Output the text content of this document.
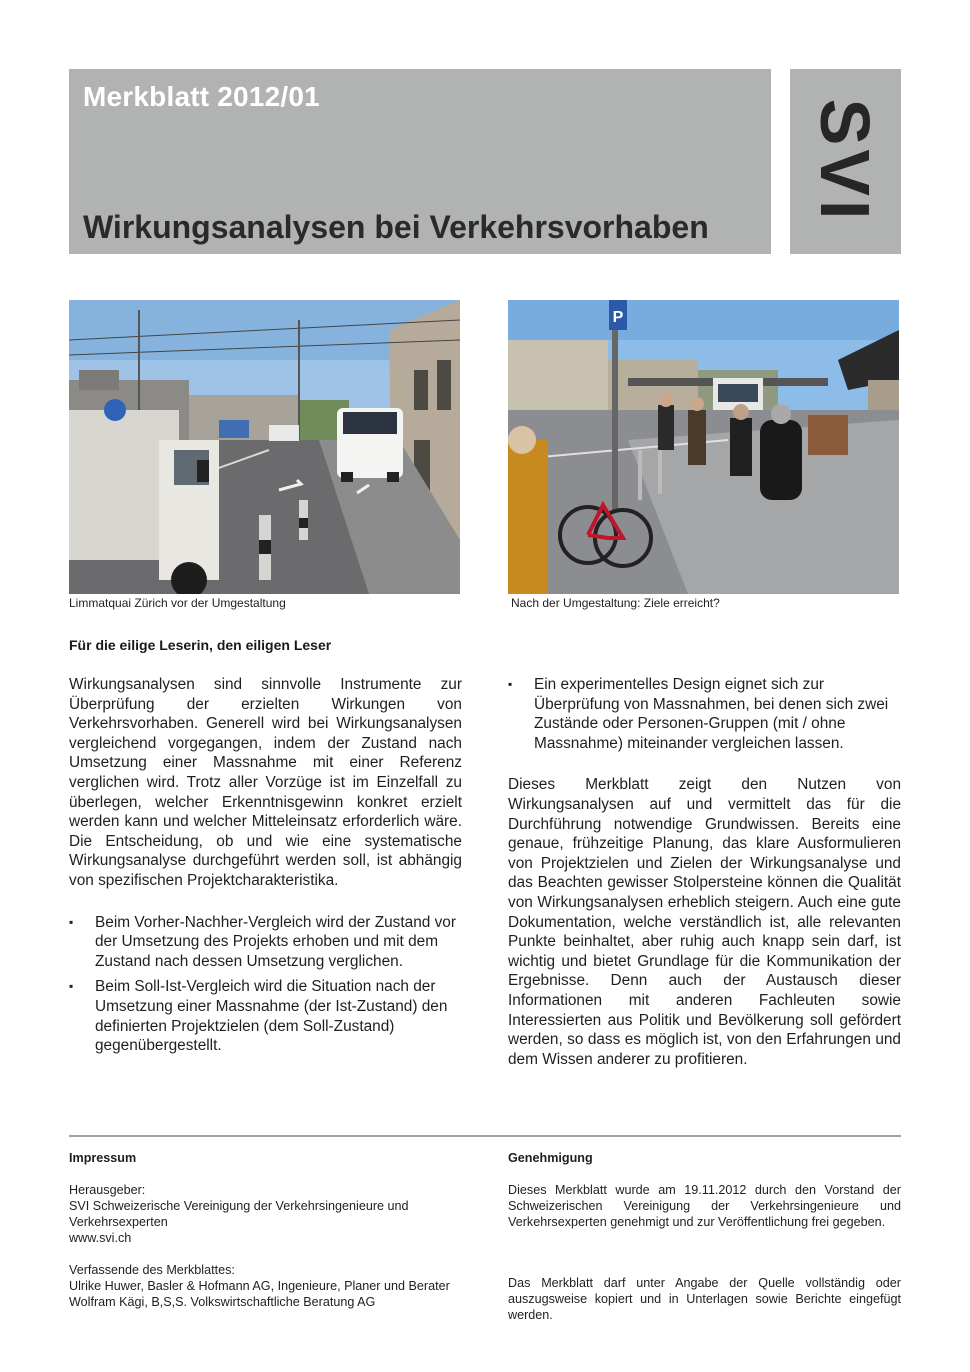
Merkblatt 2012/01
Wirkungsanalysen bei Verkehrsvorhaben
SVI
P
Limmatquai Zürich vor der Umgestaltung	Nach der Umgestaltung: Ziele erreicht?
Für die eilige Leserin, den eiligen Leser

Wirkungsanalysen sind sinnvolle Instrumente zur Überprüfung der erzielten Wirkungen von Verkehrsvorhaben. Generell wird bei Wirkungsanalysen vergleichend vorgegangen, indem der Zustand nach Umsetzung einer Massnahme mit einer Referenz verglichen wird. Trotz aller Vorzüge ist im Einzelfall zu überlegen, welcher Erkenntnisgewinn konkret erzielt werden kann und welcher Mitteleinsatz erforderlich wäre. Die Entscheidung, ob und wie eine systematische Wirkungsanalyse durchgeführt werden soll, ist abhängig von spezifischen Projektcharakteristika.

▪ Beim Vorher-Nachher-Vergleich wird der Zustand vor der Umsetzung des Projekts erhoben und mit dem Zustand nach dessen Umsetzung verglichen.
▪ Beim Soll-Ist-Vergleich wird die Situation nach der Umsetzung einer Massnahme (der Ist-Zustand) den definierten Projektzielen (dem Soll-Zustand) gegenübergestellt.
▪ Ein experimentelles Design eignet sich zur Überprüfung von Massnahmen, bei denen sich zwei Zustände oder Personen-Gruppen (mit / ohne Massnahme) miteinander vergleichen lassen.

Dieses Merkblatt zeigt den Nutzen von Wirkungsanalysen auf und vermittelt das für die Durchführung notwendige Grundwissen. Bereits eine genaue, frühzeitige Planung, das klare Ausformulieren von Projektzielen und Zielen der Wirkungsanalyse und das Beachten gewisser Stolpersteine können die Qualität von Wirkungsanalysen erheblich steigern. Auch eine gute Dokumentation, welche verständlich ist, alle relevanten Punkte beinhaltet, aber ruhig auch knapp sein darf, ist wichtig und bietet Grundlage für die Kommunikation der Ergebnisse. Denn auch der Austausch dieser Informationen mit anderen Fachleuten sowie Interessierten aus Politik und Bevölkerung soll gefördert werden, so dass es möglich ist, von den Erfahrungen und dem Wissen anderer zu profitieren.

Impressum

Herausgeber:

SVI Schweizerische Vereinigung der Verkehrsingenieure und

Verkehrsexperten

www.svi.ch

Verfassende des Merkblattes:

Ulrike Huwer, Basler & Hofmann AG, Ingenieure, Planer und Berater

Wolfram Kägi, B,S,S. Volkswirtschaftliche Beratung AG

Genehmigung

Dieses Merkblatt wurde am 19.11.2012 durch den Vorstand der Schweizerischen Vereinigung der Verkehrsingenieure und Verkehrsexperten genehmigt und zur Veröffentlichung frei gegeben.

Das Merkblatt darf unter Angabe der Quelle vollständig oder auszugsweise kopiert und in Unterlagen sowie Berichte eingefügt werden.
